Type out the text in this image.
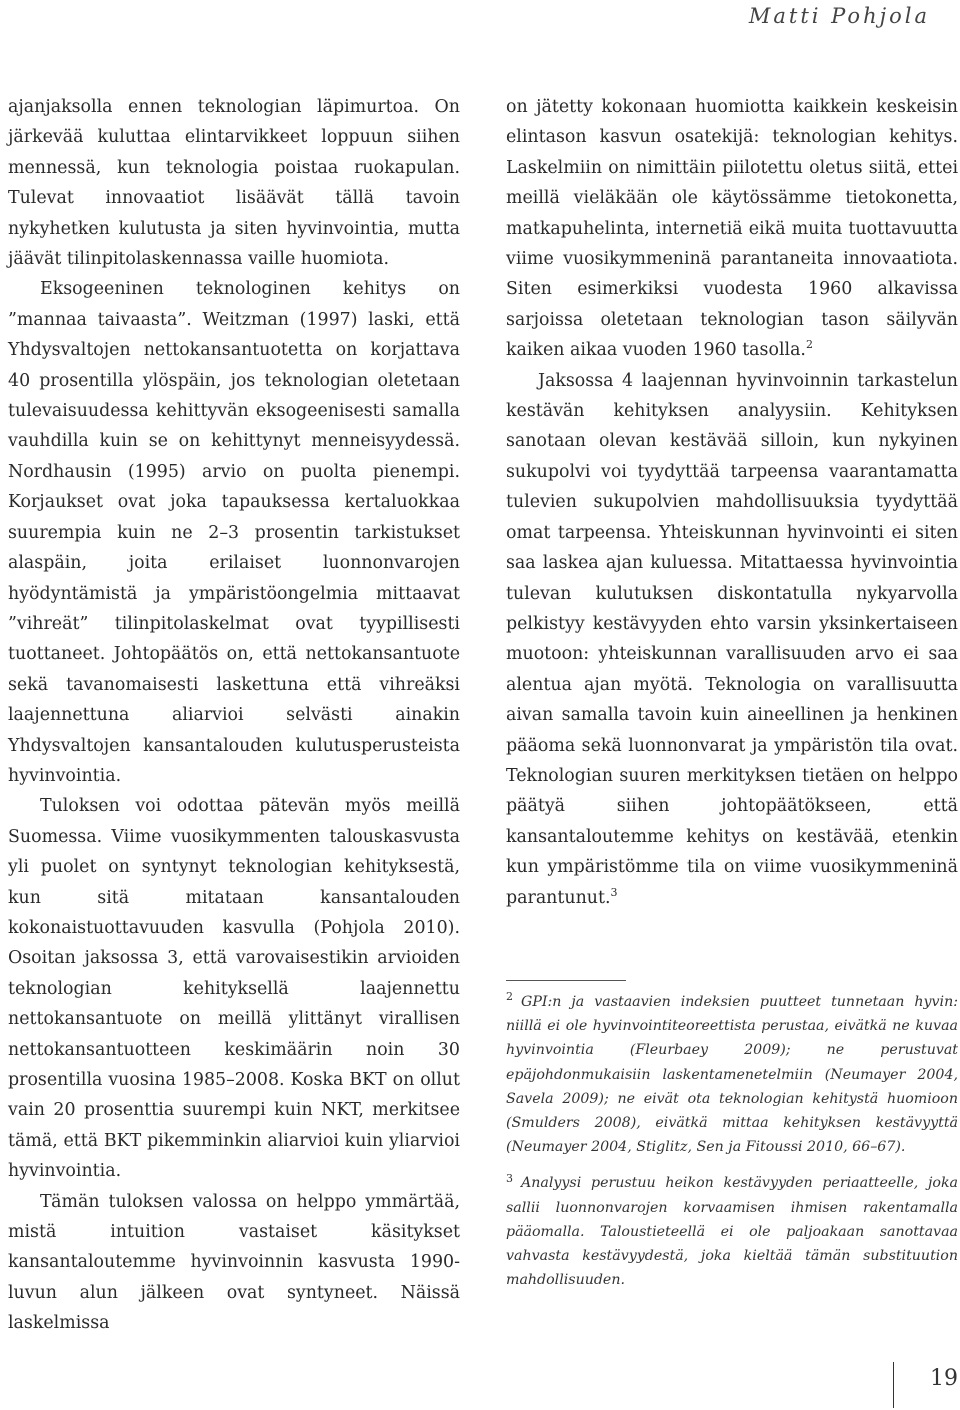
Matti Pohjola

ajanjaksolla ennen teknologian läpimurtoa. On järkevää kuluttaa elintarvikkeet loppuun siihen mennessä, kun teknologia poistaa ruokapulan. Tulevat innovaatiot lisäävät tällä tavoin nykyhetken kulutusta ja siten hyvinvointia, mutta jäävät tilinpitolaskennassa vaille huomiota.

Eksogeeninen teknologinen kehitys on ”mannaa taivaasta”. Weitzman (1997) laski, että Yhdysvaltojen nettokansantuotetta on korjattava 40 prosentilla ylöspäin, jos teknologian oletetaan tulevaisuudessa kehittyvän eksogeenisesti samalla vauhdilla kuin se on kehittynyt menneisyydessä. Nordhausin (1995) arvio on puolta pienempi. Korjaukset ovat joka tapauksessa kertaluokkaa suurempia kuin ne 2–3 prosentin tarkistukset alaspäin, joita erilaiset luonnonvarojen hyödyntämistä ja ympäristöongelmia mittaavat ”vihreät” tilinpitolaskelmat ovat tyypillisesti tuottaneet. Johtopäätös on, että nettokansantuote sekä tavanomaisesti laskettuna että vihreäksi laajennettuna aliarvioi selvästi ainakin Yhdysvaltojen kansantalouden kulutusperusteista hyvinvointia.

Tuloksen voi odottaa pätevän myös meillä Suomessa. Viime vuosikymmenten talouskasvusta yli puolet on syntynyt teknologian kehityksestä, kun sitä mitataan kansantalouden kokonaistuottavuuden kasvulla (Pohjola 2010). Osoitan jaksossa 3, että varovaisestikin arvioiden teknologian kehityksellä laajennettu nettokansantuote on meillä ylittänyt virallisen nettokansantuotteen keskimäärin noin 30 prosentilla vuosina 1985–2008. Koska BKT on ollut vain 20 prosenttia suurempi kuin NKT, merkitsee tämä, että BKT pikemminkin aliarvioi kuin yliarvioi hyvinvointia.

Tämän tuloksen valossa on helppo ymmärtää, mistä intuition vastaiset käsitykset kansantaloutemme hyvinvoinnin kasvusta 1990-luvun alun jälkeen ovat syntyneet. Näissä laskelmissa

on jätetty kokonaan huomiotta kaikkein keskeisin elintason kasvun osatekijä: teknologian kehitys. Laskelmiin on nimittäin piilotettu oletus siitä, ettei meillä vieläkään ole käytössämme tietokonetta, matkapuhelinta, internetiä eikä muita tuottavuutta viime vuosikymmeninä parantaneita innovaatiota. Siten esimerkiksi vuodesta 1960 alkavissa sarjoissa oletetaan teknologian tason säilyvän kaiken aikaa vuoden 1960 tasolla.$^2$

Jaksossa 4 laajennan hyvinvoinnin tarkastelun kestävän kehityksen analyysiin. Kehityksen sanotaan olevan kestävää silloin, kun nykyinen sukupolvi voi tyydyttää tarpeensa vaarantamatta tulevien sukupolvien mahdollisuuksia tyydyttää omat tarpeensa. Yhteiskunnan hyvinvointi ei siten saa laskea ajan kuluessa. Mitattaessa hyvinvointia tulevan kulutuksen diskontatulla nykyarvolla pelkistyy kestävyyden ehto varsin yksinkertaiseen muotoon: yhteiskunnan varallisuuden arvo ei saa alentua ajan myötä. Teknologia on varallisuutta aivan samalla tavoin kuin aineellinen ja henkinen pääoma sekä luonnonvarat ja ympäristön tila ovat. Teknologian suuren merkityksen tietäen on helppo päätyä siihen johtopäätökseen, että kansantaloutemme kehitys on kestävää, etenkin kun ympäristömme tila on viime vuosikymmeninä parantunut.$^3$

$^2$ GPI:n ja vastaavien indeksien puutteet tunnetaan hyvin: niillä ei ole hyvinvointiteoreettista perustaa, eivätkä ne kuvaa hyvinvointia (Fleurbaey 2009); ne perustuvat epäjohdonmukaisiin laskentamenetelmiin (Neumayer 2004, Savela 2009); ne eivät ota teknologian kehitystä huomioon (Smulders 2008), eivätkä mittaa kehityksen kestävyyttä (Neumayer 2004, Stiglitz, Sen ja Fitoussi 2010, 66–67).

$^3$ Analyysi perustuu heikon kestävyyden periaatteelle, joka sallii luonnonvarojen korvaamisen ihmisen rakentamalla pääomalla. Taloustieteellä ei ole paljoakaan sanottavaa vahvasta kestävyydestä, joka kieltää tämän substituution mahdollisuuden.

19
